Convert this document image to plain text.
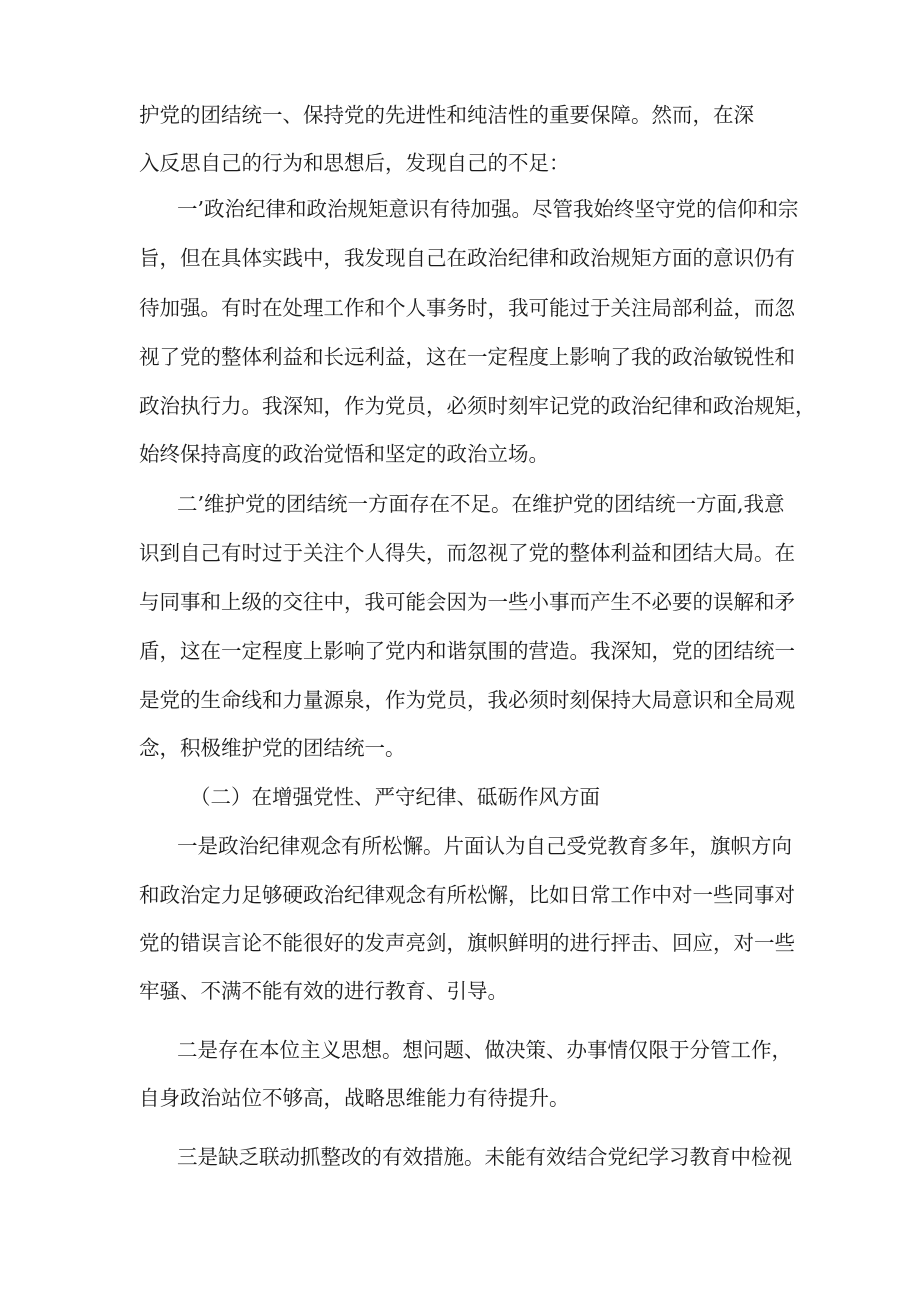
护党的团结统一、保持党的先进性和纯洁性的重要保障。然而，在深

入反思自己的行为和思想后，发现自己的不足：

一’政治纪律和政治规矩意识有待加强。尽管我始终坚守党的信仰和宗

旨，但在具体实践中，我发现自己在政治纪律和政治规矩方面的意识仍有

待加强。有时在处理工作和个人事务时，我可能过于关注局部利益，而忽

视了党的整体利益和长远利益，这在一定程度上影响了我的政治敏锐性和

政治执行力。我深知，作为党员，必须时刻牢记党的政治纪律和政治规矩，

始终保持高度的政治觉悟和坚定的政治立场。

二’维护党的团结统一方面存在不足。在维护党的团结统一方面,我意

识到自己有时过于关注个人得失，而忽视了党的整体利益和团结大局。在

与同事和上级的交往中，我可能会因为一些小事而产生不必要的误解和矛

盾，这在一定程度上影响了党内和谐氛围的营造。我深知，党的团结统一

是党的生命线和力量源泉，作为党员，我必须时刻保持大局意识和全局观

念，积极维护党的团结统一。

（二）在增强党性、严守纪律、砥砺作风方面

一是政治纪律观念有所松懈。片面认为自己受党教育多年，旗帜方向

和政治定力足够硬政治纪律观念有所松懈，比如日常工作中对一些同事对

党的错误言论不能很好的发声亮剑，旗帜鲜明的进行抨击、回应，对一些

牢骚、不满不能有效的进行教育、引导。

二是存在本位主义思想。想问题、做决策、办事情仅限于分管工作，

自身政治站位不够高，战略思维能力有待提升。

三是缺乏联动抓整改的有效措施。未能有效结合党纪学习教育中检视
